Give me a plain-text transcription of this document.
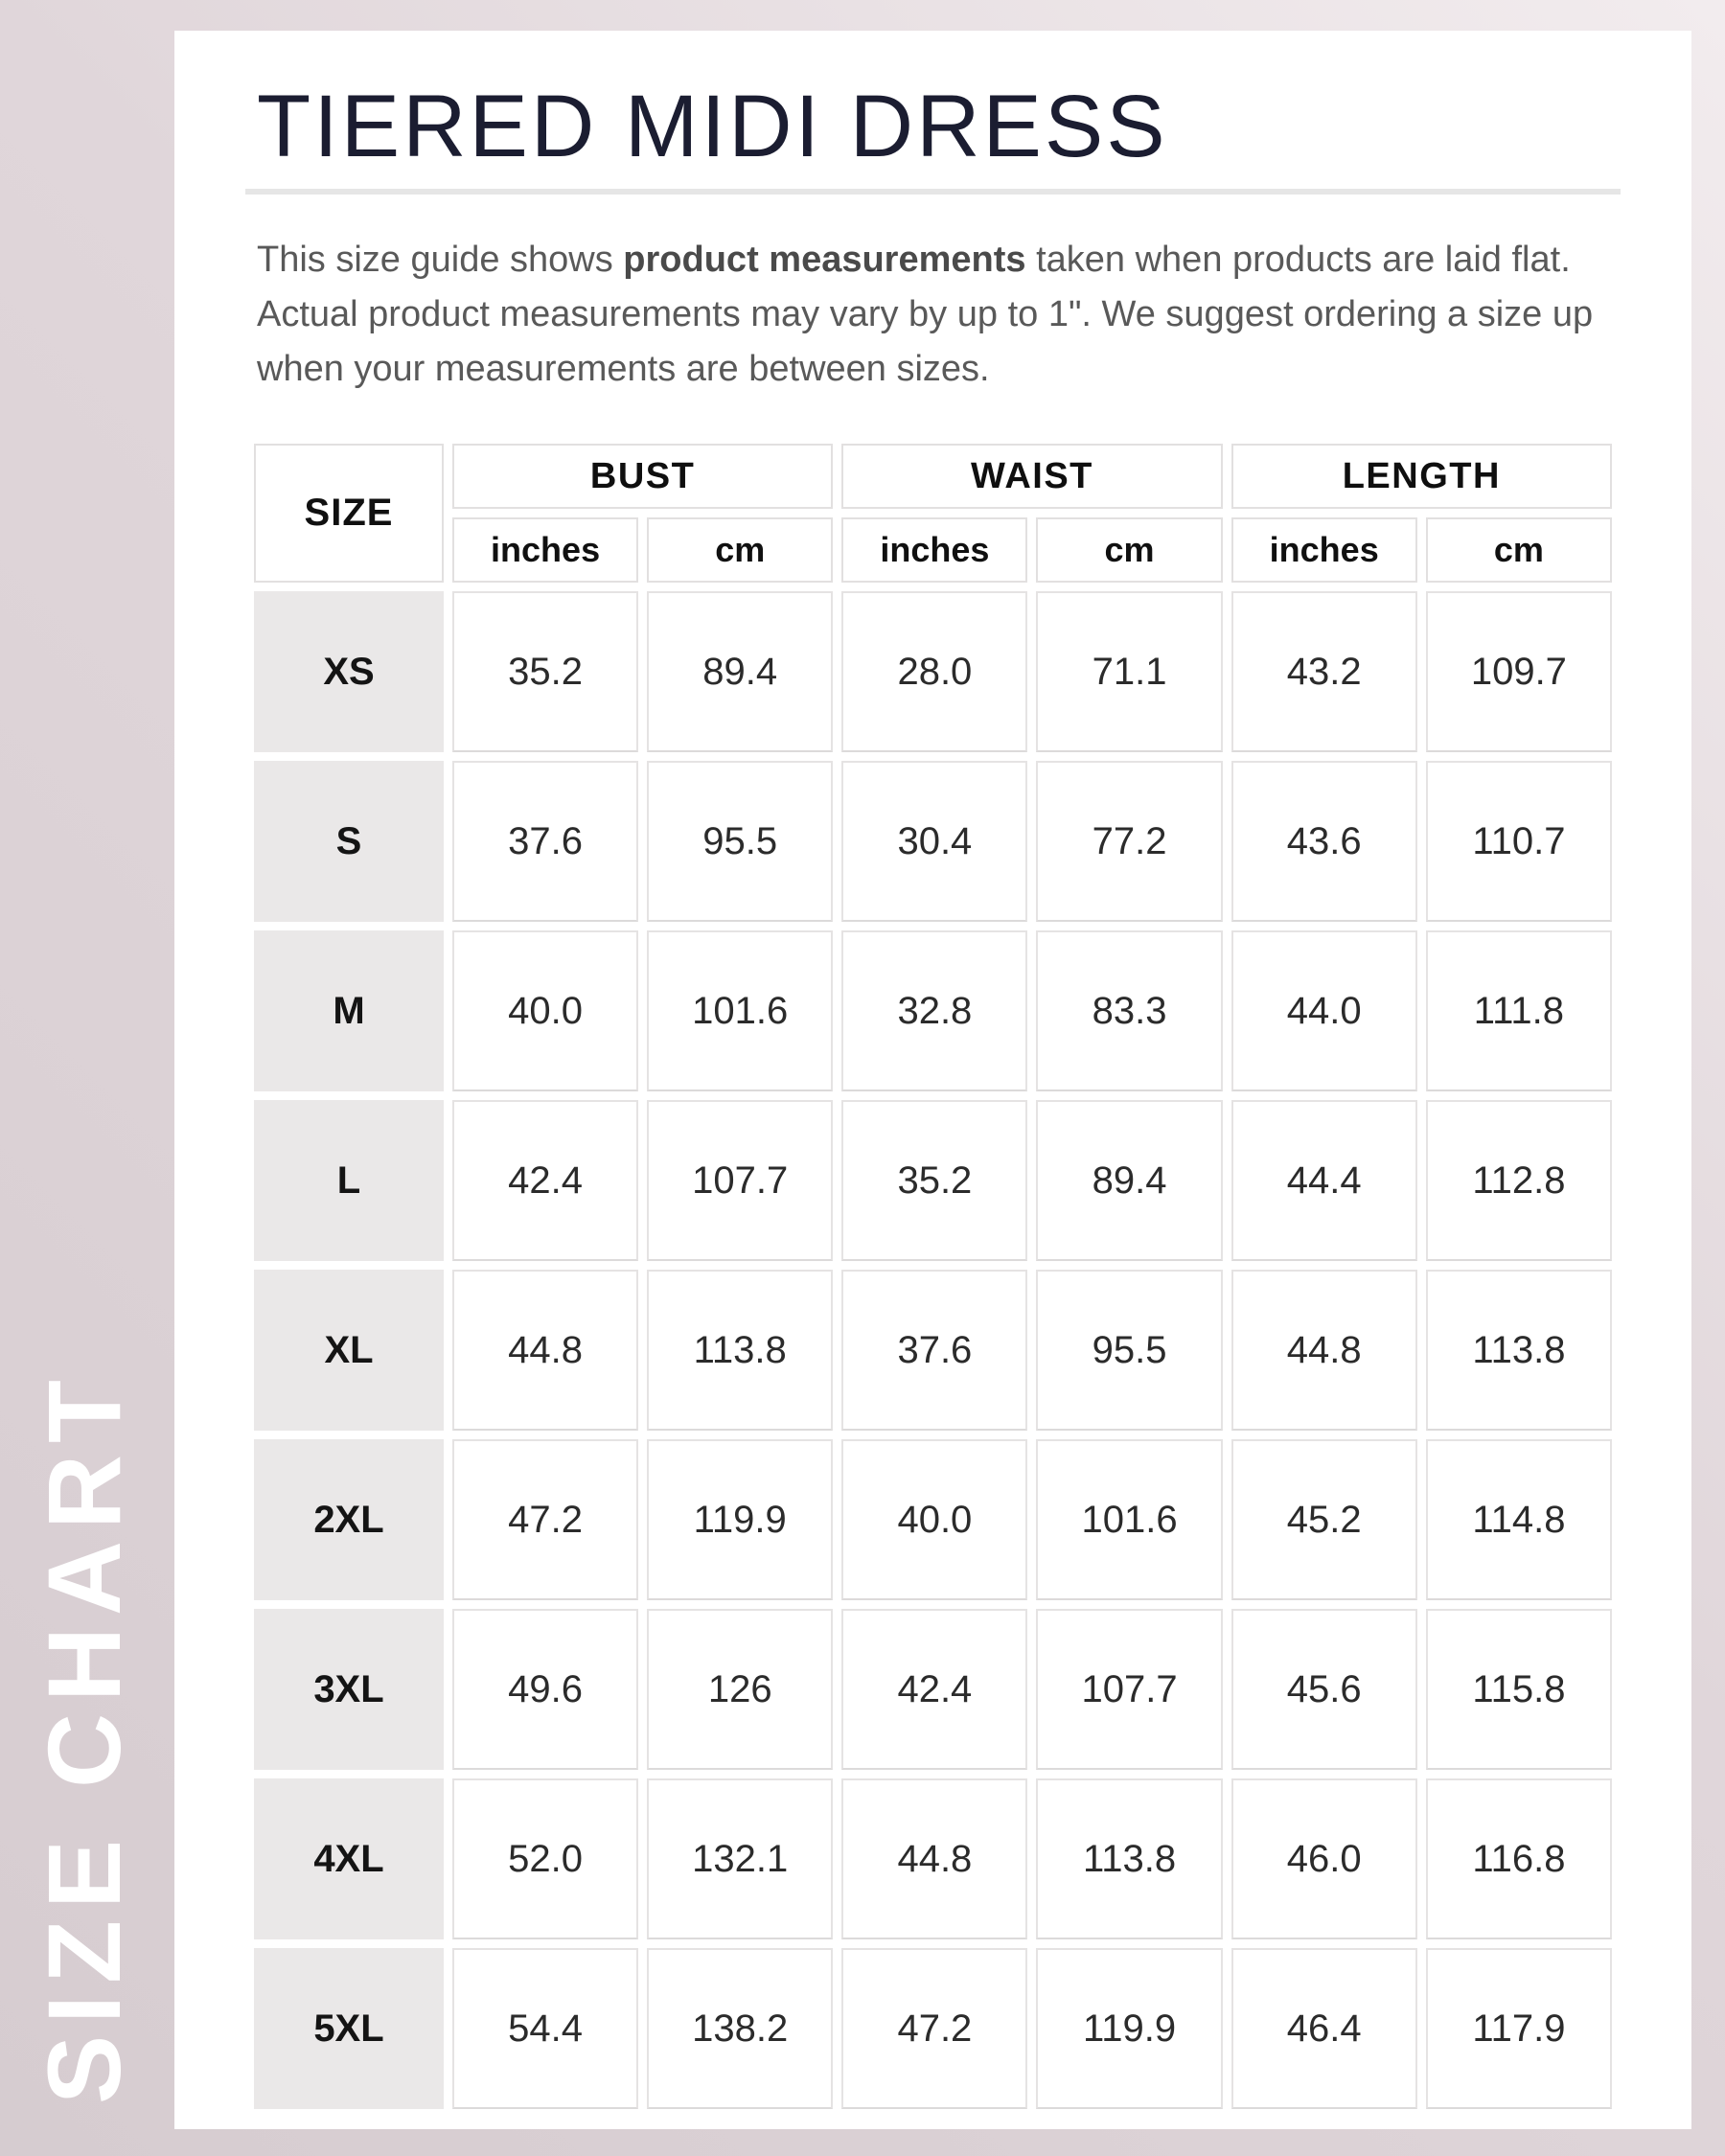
SIZE CHART
TIERED MIDI DRESS

This size guide shows product measurements taken when products are laid flat. Actual product measurements may vary by up to 1". We suggest ordering a size up when your measurements are between sizes.

SIZE	BUST		WAIST		LENGTH	
	inches	cm	inches	cm	inches	cm
XS	35.2	89.4	28.0	71.1	43.2	109.7
S	37.6	95.5	30.4	77.2	43.6	110.7
M	40.0	101.6	32.8	83.3	44.0	111.8
L	42.4	107.7	35.2	89.4	44.4	112.8
XL	44.8	113.8	37.6	95.5	44.8	113.8
2XL	47.2	119.9	40.0	101.6	45.2	114.8
3XL	49.6	126	42.4	107.7	45.6	115.8
4XL	52.0	132.1	44.8	113.8	46.0	116.8
5XL	54.4	138.2	47.2	119.9	46.4	117.9
